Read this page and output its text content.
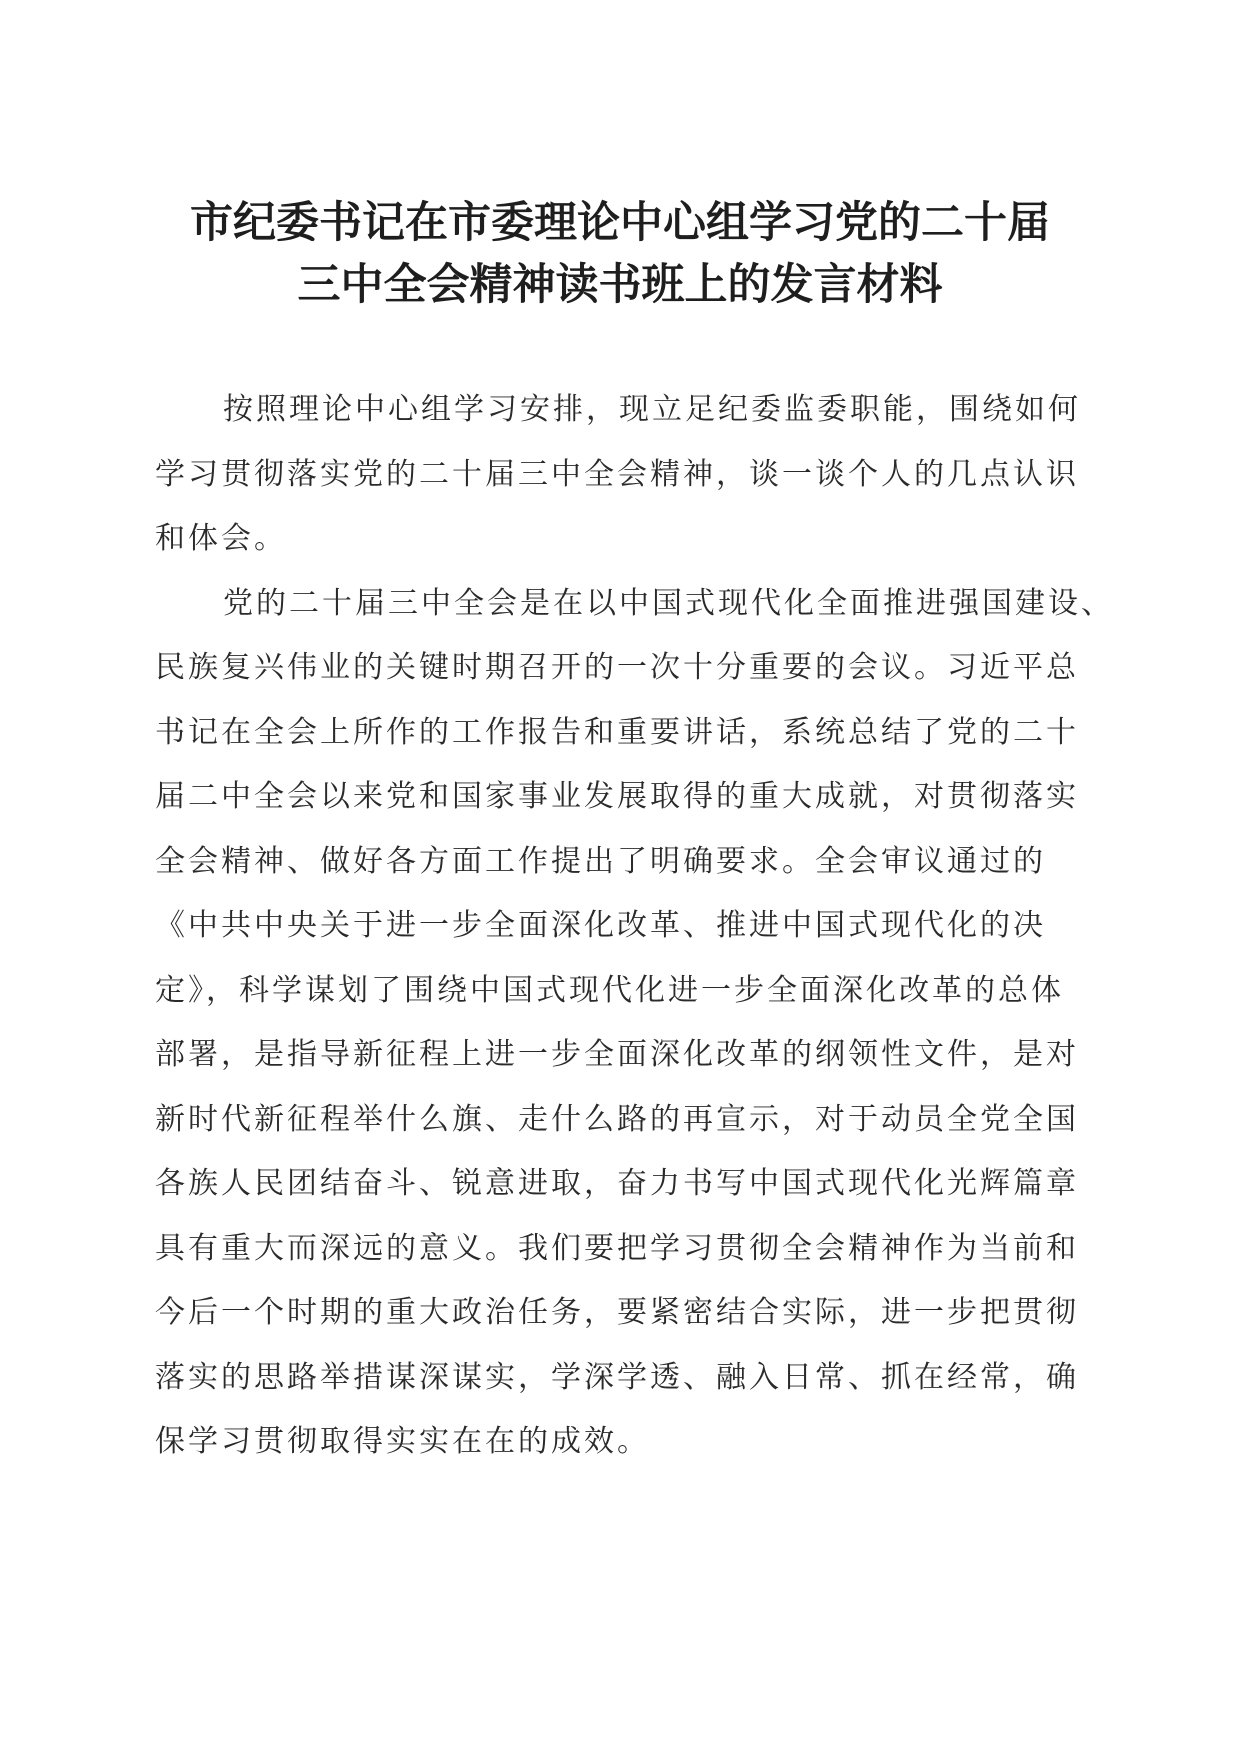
市纪委书记在市委理论中心组学习党的二十届
三中全会精神读书班上的发言材料
按照理论中心组学习安排，现立足纪委监委职能，围绕如何
学习贯彻落实党的二十届三中全会精神，谈一谈个人的几点认识
和体会。
党的二十届三中全会是在以中国式现代化全面推进强国建设、
民族复兴伟业的关键时期召开的一次十分重要的会议。习近平总
书记在全会上所作的工作报告和重要讲话，系统总结了党的二十
届二中全会以来党和国家事业发展取得的重大成就，对贯彻落实
全会精神、做好各方面工作提出了明确要求。全会审议通过的
《中共中央关于进一步全面深化改革、推进中国式现代化的决
定》，科学谋划了围绕中国式现代化进一步全面深化改革的总体
部署，是指导新征程上进一步全面深化改革的纲领性文件，是对
新时代新征程举什么旗、走什么路的再宣示，对于动员全党全国
各族人民团结奋斗、锐意进取，奋力书写中国式现代化光辉篇章
具有重大而深远的意义。我们要把学习贯彻全会精神作为当前和
今后一个时期的重大政治任务，要紧密结合实际，进一步把贯彻
落实的思路举措谋深谋实，学深学透、融入日常、抓在经常，确
保学习贯彻取得实实在在的成效。
